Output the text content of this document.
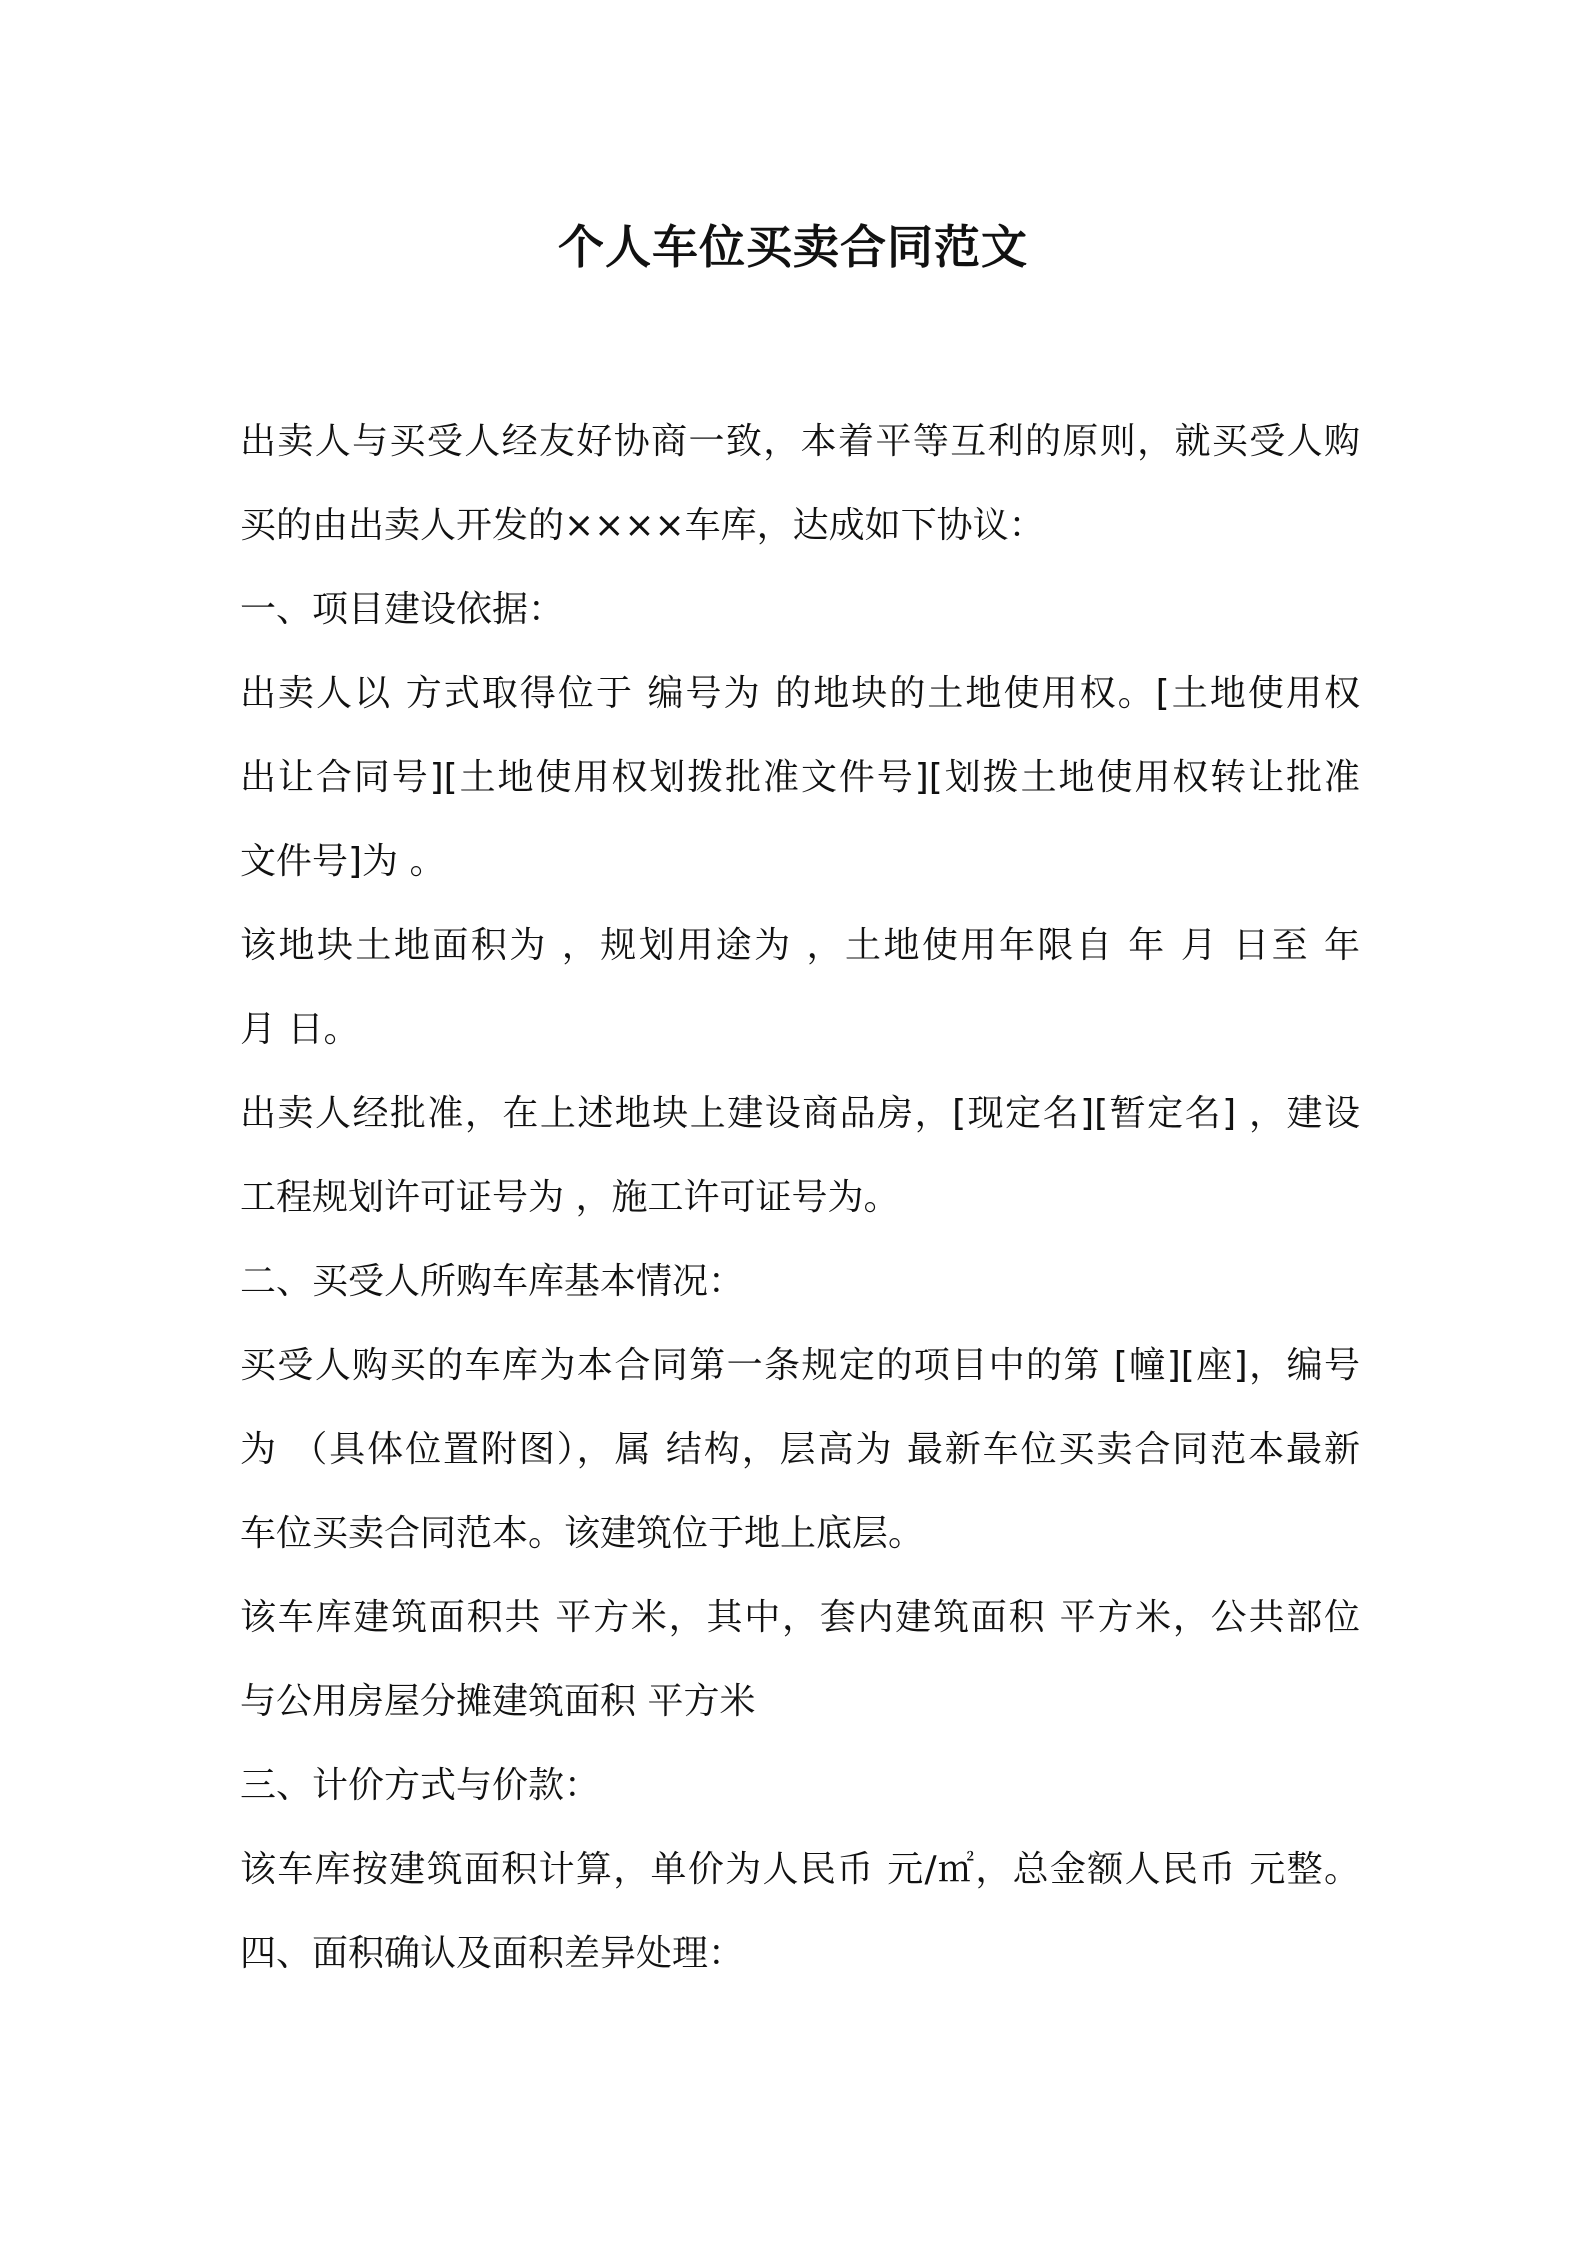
个人车位买卖合同范文

出卖人与买受人经友好协商一致，本着平等互利的原则，就买受人购

买的由出卖人开发的××××车库，达成如下协议：

一、项目建设依据：

出卖人以 方式取得位于 编号为 的地块的土地使用权。[土地使用权

出让合同号][土地使用权划拨批准文件号][划拨土地使用权转让批准

文件号]为 。

该地块土地面积为 ，规划用途为 ，土地使用年限自 年 月 日至 年

月 日。

出卖人经批准，在上述地块上建设商品房，[现定名][暂定名] ，建设

工程规划许可证号为 ，施工许可证号为。

二、买受人所购车库基本情况：

买受人购买的车库为本合同第一条规定的项目中的第 [幢][座]，编号

为 （具体位置附图），属 结构，层高为 最新车位买卖合同范本最新

车位买卖合同范本。该建筑位于地上底层。

该车库建筑面积共 平方米，其中，套内建筑面积 平方米，公共部位

与公用房屋分摊建筑面积 平方米

三、计价方式与价款：

该车库按建筑面积计算，单价为人民币 元/㎡，总金额人民币 元整。

四、面积确认及面积差异处理：
